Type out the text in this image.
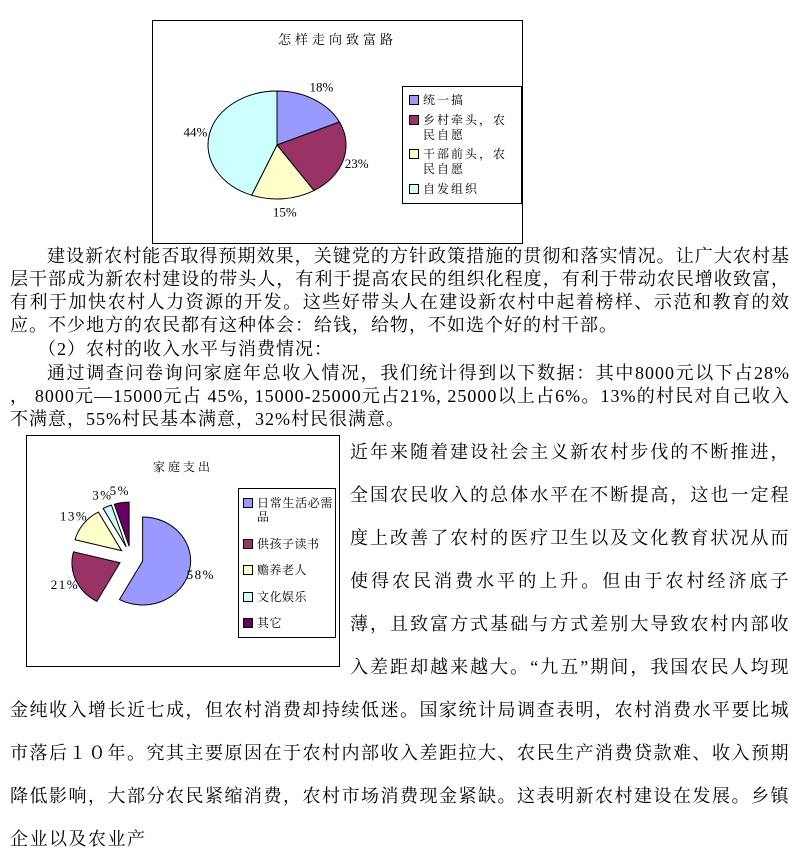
18%
23%
15%
44%
怎样走向致富路
统一搞
乡村牵头，农民自愿
干部前头，农民自愿
自发组织

建设新农村能否取得预期效果，关键党的方针政策措施的贯彻和落实情况。让广大农村基层干部成为新农村建设的带头人，有利于提高农民的组织化程度，有利于带动农民增收致富，有利于加快农村人力资源的开发。这些好带头人在建设新农村中起着榜样、示范和教育的效应。不少地方的农民都有这种体会：给钱，给物，不如选个好的村干部。

（2）农村的收入水平与消费情况：

通过调查问卷询问家庭年总收入情况，我们统计得到以下数据：其中8000元以下占28% ， 8000元—15000元占 45%, 15000-25000元占21%, 25000以上占6%。13%的村民对自己收入不满意，55%村民基本满意，32%村民很满意。

58%
21%
13%
3%
5%
家庭支出
日常生活必需品
供孩子读书
赡养老人
文化娱乐
其它
近年来随着建设社会主义新农村步伐的不断推进，全国农民收入的总体水平在不断提高，这也一定程度上改善了农村的医疗卫生以及文化教育状况从而使得农民消费水平的上升。但由于农村经济底子薄，且致富方式基础与方式差别大导致农村内部收入差距却越来越大。“九五”期间，我国农民人均现金纯收入增长近七成，但农村消费却持续低迷。国家统计局调查表明，农村消费水平要比城市落后１０年。究其主要原因在于农村内部收入差距拉大、农民生产消费贷款难、收入预期降低影响，大部分农民紧缩消费，农村市场消费现金紧缺。这表明新农村建设在发展。乡镇企业以及农业产
